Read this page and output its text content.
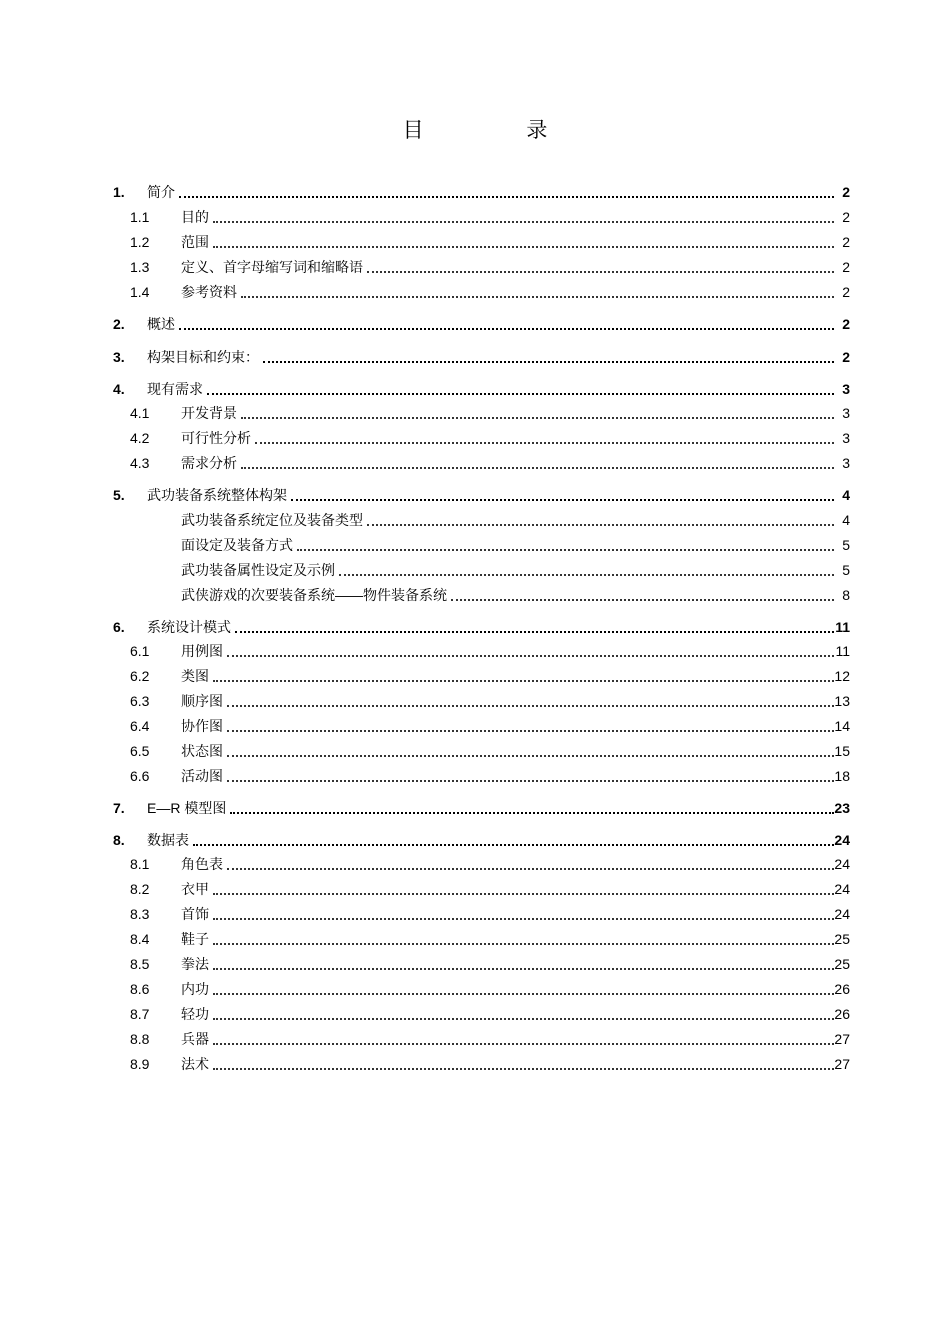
目 录
1. 简介	2
1.1 目的	2
1.2 范围	2
1.3 定义、首字母缩写词和缩略语	2
1.4 参考资料	2
2. 概述	2
3. 构架目标和约束：	2
4. 现有需求	3
4.1 开发背景	3
4.2 可行性分析	3
4.3 需求分析	3
5. 武功装备系统整体构架	4
武功装备系统定位及装备类型	4
面设定及装备方式	5
武功装备属性设定及示例	5
武侠游戏的次要装备系统——物件装备系统	8
6. 系统设计模式	11
6.1 用例图	11
6.2 类图	12
6.3 顺序图	13
6.4 协作图	14
6.5 状态图	15
6.6 活动图	18
7. E—R 模型图	23
8. 数据表	24
8.1 角色表	24
8.2 衣甲	24
8.3 首饰	24
8.4 鞋子	25
8.5 拳法	25
8.6 内功	26
8.7 轻功	26
8.8 兵器	27
8.9 法术	27
